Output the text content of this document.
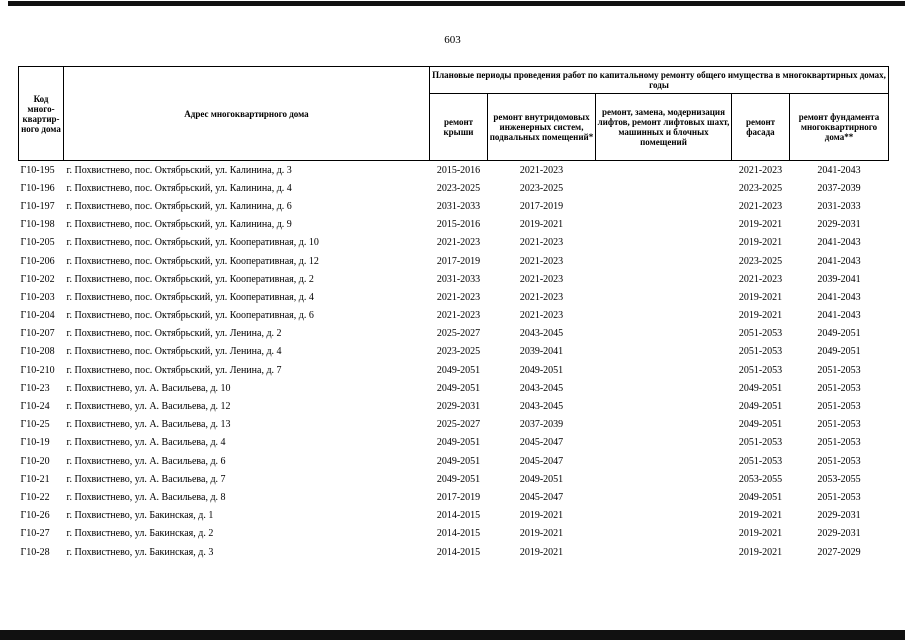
603
Код много-квартир-ного дома	Адрес многоквартирного дома	Плановые периоды проведения работ по капитальному ремонту общего имущества в многоквартирных домах, годы				
		ремонт крыши	ремонт внутридомовых инженерных систем, подвальных помещений*	ремонт, замена, модернизация лифтов, ремонт лифтовых шахт, машинных и блочных помещений	ремонт фасада	ремонт фундамента многоквартирного дома**
Г10-195	г. Похвистнево, пос. Октябрьский, ул. Калинина, д. 3	2015-2016	2021-2023		2021-2023	2041-2043
Г10-196	г. Похвистнево, пос. Октябрьский, ул. Калинина, д. 4	2023-2025	2023-2025		2023-2025	2037-2039
Г10-197	г. Похвистнево, пос. Октябрьский, ул. Калинина, д. 6	2031-2033	2017-2019		2021-2023	2031-2033
Г10-198	г. Похвистнево, пос. Октябрьский, ул. Калинина, д. 9	2015-2016	2019-2021		2019-2021	2029-2031
Г10-205	г. Похвистнево, пос. Октябрьский, ул. Кооперативная, д. 10	2021-2023	2021-2023		2019-2021	2041-2043
Г10-206	г. Похвистнево, пос. Октябрьский, ул. Кооперативная, д. 12	2017-2019	2021-2023		2023-2025	2041-2043
Г10-202	г. Похвистнево, пос. Октябрьский, ул. Кооперативная, д. 2	2031-2033	2021-2023		2021-2023	2039-2041
Г10-203	г. Похвистнево, пос. Октябрьский, ул. Кооперативная, д. 4	2021-2023	2021-2023		2019-2021	2041-2043
Г10-204	г. Похвистнево, пос. Октябрьский, ул. Кооперативная, д. 6	2021-2023	2021-2023		2019-2021	2041-2043
Г10-207	г. Похвистнево, пос. Октябрьский, ул. Ленина, д. 2	2025-2027	2043-2045		2051-2053	2049-2051
Г10-208	г. Похвистнево, пос. Октябрьский, ул. Ленина, д. 4	2023-2025	2039-2041		2051-2053	2049-2051
Г10-210	г. Похвистнево, пос. Октябрьский, ул. Ленина, д. 7	2049-2051	2049-2051		2051-2053	2051-2053
Г10-23	г. Похвистнево, ул. А. Васильева, д. 10	2049-2051	2043-2045		2049-2051	2051-2053
Г10-24	г. Похвистнево, ул. А. Васильева, д. 12	2029-2031	2043-2045		2049-2051	2051-2053
Г10-25	г. Похвистнево, ул. А. Васильева, д. 13	2025-2027	2037-2039		2049-2051	2051-2053
Г10-19	г. Похвистнево, ул. А. Васильева, д. 4	2049-2051	2045-2047		2051-2053	2051-2053
Г10-20	г. Похвистнево, ул. А. Васильева, д. 6	2049-2051	2045-2047		2051-2053	2051-2053
Г10-21	г. Похвистнево, ул. А. Васильева, д. 7	2049-2051	2049-2051		2053-2055	2053-2055
Г10-22	г. Похвистнево, ул. А. Васильева, д. 8	2017-2019	2045-2047		2049-2051	2051-2053
Г10-26	г. Похвистнево, ул. Бакинская, д. 1	2014-2015	2019-2021		2019-2021	2029-2031
Г10-27	г. Похвистнево, ул. Бакинская, д. 2	2014-2015	2019-2021		2019-2021	2029-2031
Г10-28	г. Похвистнево, ул. Бакинская, д. 3	2014-2015	2019-2021		2019-2021	2027-2029
